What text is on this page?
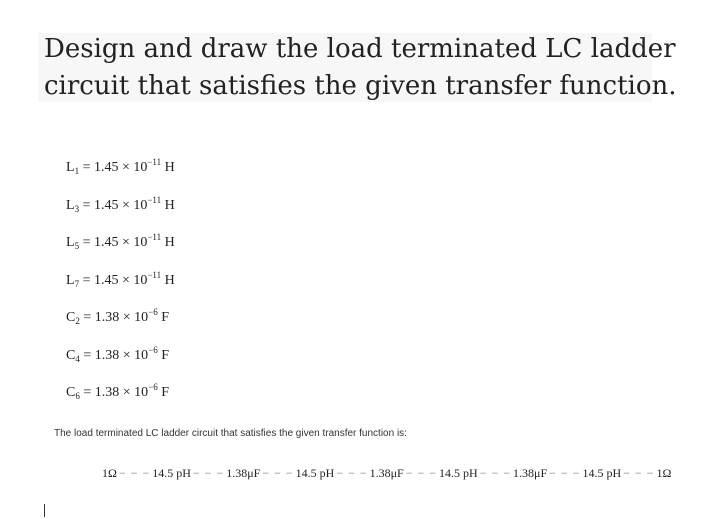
Design and draw the load terminated LC ladder
circuit that satisfies the given transfer function.
$L_1 = 1.45 \times 10^{-11}$ H
$L_3 = 1.45 \times 10^{-11}$ H
$L_5 = 1.45 \times 10^{-11}$ H
$L_7 = 1.45 \times 10^{-11}$ H
$C_2 = 1.38 \times 10^{-6}$ F
$C_4 = 1.38 \times 10^{-6}$ F
$C_6 = 1.38 \times 10^{-6}$ F
The load terminated LC ladder circuit that satisfies the given transfer function is:
1Ω − − − 14.5 pH − − − 1.38μF − − − 14.5 pH − − − 1.38μF − − − 14.5 pH − − − 1.38μF − − − 14.5 pH − − − 1Ω
